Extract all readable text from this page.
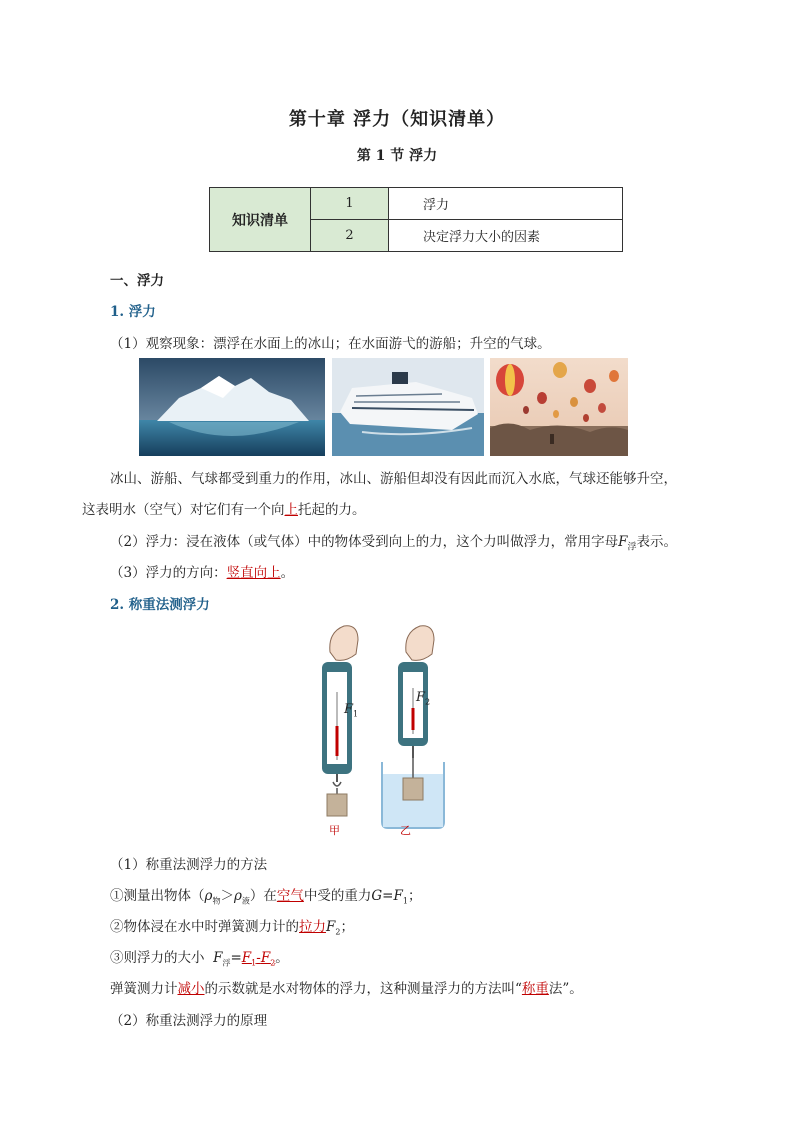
第十章 浮力（知识清单）
第 1 节 浮力
知识清单	1	浮力
	2	决定浮力大小的因素
一、浮力
1. 浮力
（1）观察现象：漂浮在水面上的冰山；在水面游弋的游船；升空的气球。
冰山、游船、气球都受到重力的作用，冰山、游船但却没有因此而沉入水底，气球还能够升空，
这表明水（空气）对它们有一个向上托起的力。
（2）浮力：浸在液体（或气体）中的物体受到向上的力，这个力叫做浮力，常用字母$F_浮$表示。
（3）浮力的方向：竖直向上。
2. 称重法测浮力
$F_1$
$F_2$
甲	乙
（1）称重法测浮力的方法
①测量出物体$(\rho_物>\rho_液)$在空气中受的重力$G=F_1$；
②物体浸在水中时弹簧测力计的拉力$F_2$；
③则浮力的大小  $F_浮=F_1-F_2$。
弹簧测力计减小的示数就是水对物体的浮力，这种测量浮力的方法叫“称重法”。
（2）称重法测浮力的原理
